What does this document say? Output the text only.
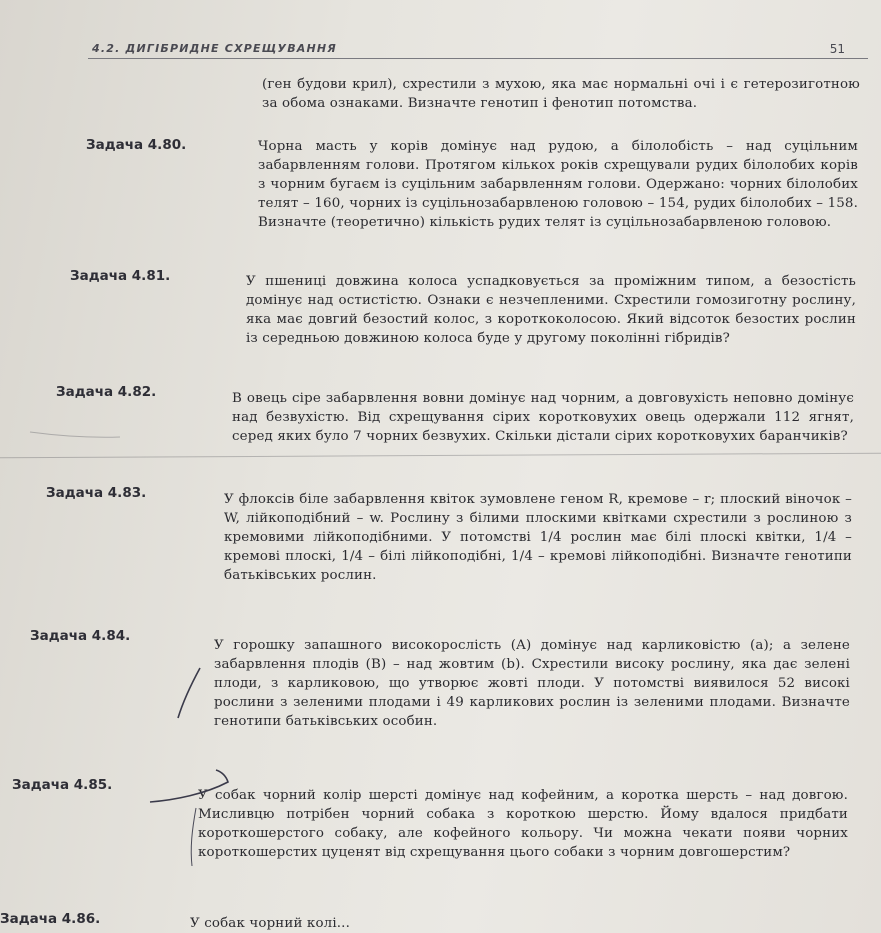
4.2. ДИГІБРИДНЕ СХРЕЩУВАННЯ	51
(ген будови крил), схрестили з мухою, яка має нормальні очі і є гетерозиготною за обома ознаками. Визначте генотип і фенотип потомства.
Задача 4.80.	Чорна масть у корів домінує над рудою, а білолобість – над суцільним забарвленням голови. Протягом кількох років схрещували рудих білолобих корів з чорним бугаєм із суцільним забарвленням голови. Одержано: чорних білолобих телят – 160, чорних із суцільнозабарвленою головою – 154, рудих білолобих – 158. Визначте (теоретично) кількість рудих телят із суцільнозабарвленою головою.
Задача 4.81.	У пшениці довжина колоса успадковується за проміжним типом, а безостість домінує над остистістю. Ознаки є незчепленими. Схрестили гомозиготну рослину, яка має довгий безостий колос, з короткоколосою. Який відсоток безостих рослин із середньою довжиною колоса буде у другому поколінні гібридів?
Задача 4.82.	В овець сіре забарвлення вовни домінує над чорним, а довговухість неповно домінує над безвухістю. Від схрещування сірих коротковухих овець одержали 112 ягнят, серед яких було 7 чорних безвухих. Скільки дістали сірих коротковухих баранчиків?
Задача 4.83.	У флоксів біле забарвлення квіток зумовлене геном R, кремове – r; плоский віночок – W, лійкоподібний – w. Рослину з білими плоскими квітками схрестили з рослиною з кремовими лійкоподібними. У потомстві 1/4 рослин має білі плоскі квітки, 1/4 – кремові плоскі, 1/4 – білі лійкоподібні, 1/4 – кремові лійкоподібні. Визначте генотипи батьківських рослин.
Задача 4.84.
У горошку запашного високорослість (A) домінує над карликовістю (a); а зелене забарвлення плодів (B) – над жовтим (b). Схрестили високу рослину, яка дає зелені плоди, з карликовою, що утворює жовті плоди. У потомстві виявилося 52 високі рослини з зеленими плодами і 49 карликових рослин із зеленими плодами. Визначте генотипи батьківських особин.
Задача 4.85.
У собак чорний колір шерсті домінує над кофейним, а коротка шерсть – над довгою. Мисливцю потрібен чорний собака з короткою шерстю. Йому вдалося придбати короткошерстого собаку, але кофейного кольору. Чи можна чекати появи чорних короткошерстих цуценят від схрещування цього собаки з чорним довгошерстим?
Задача 4.86.	У собак чорний колі...
